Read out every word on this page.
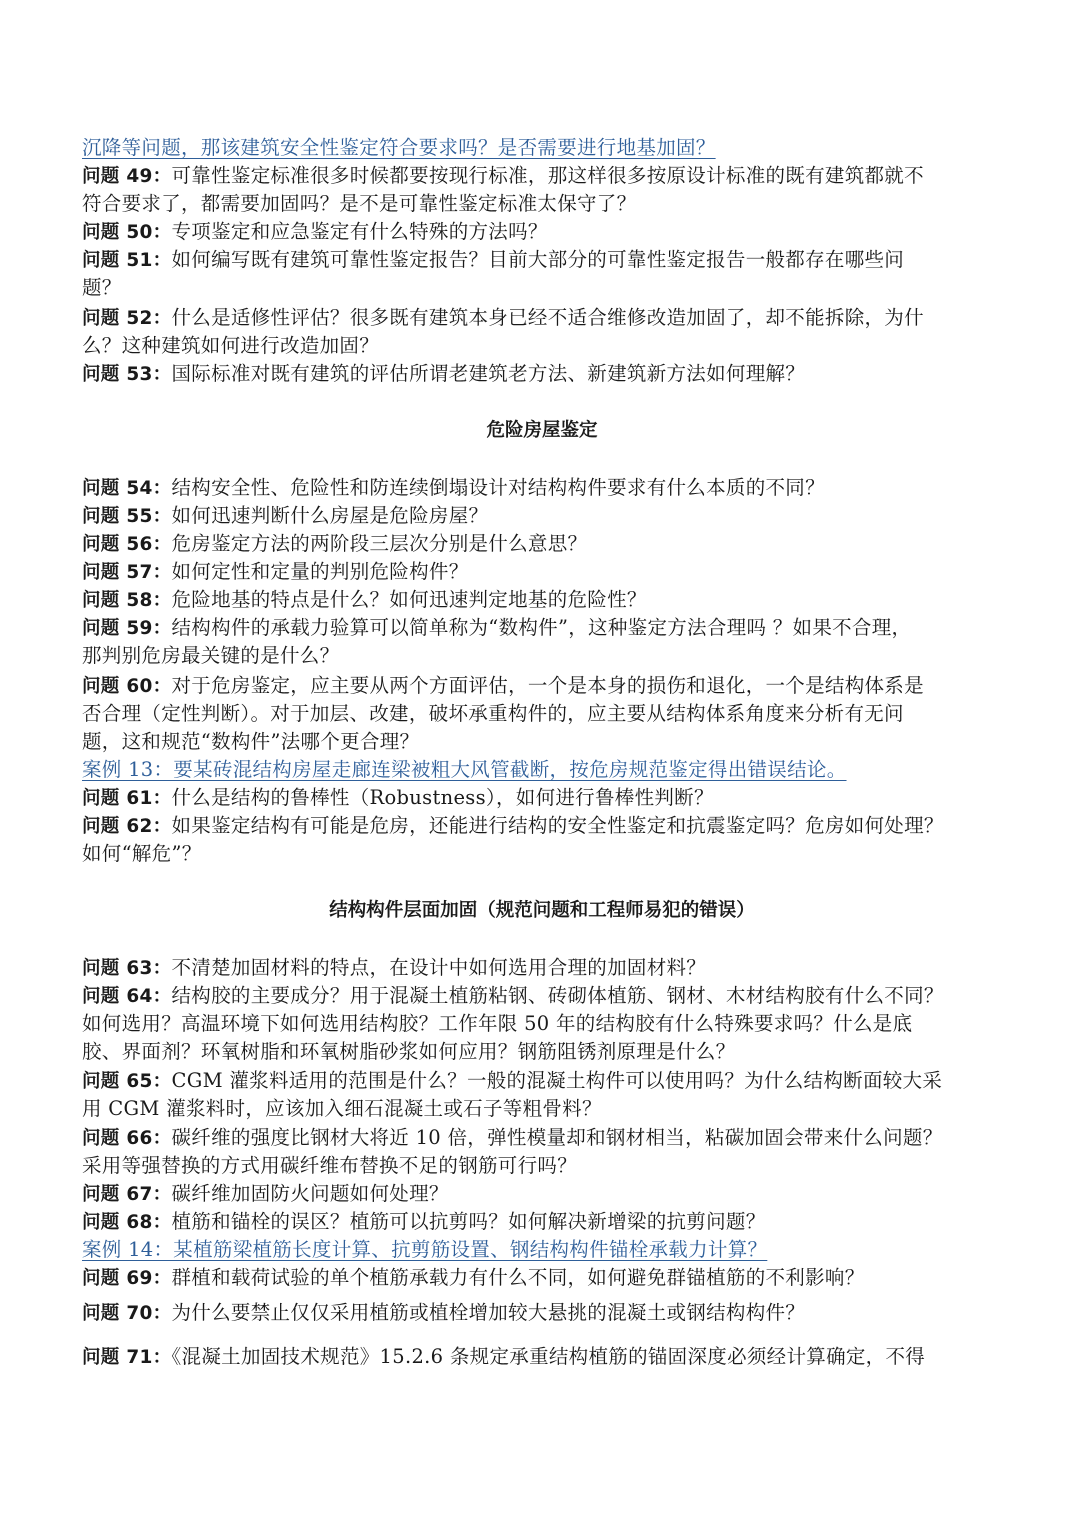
沉降等问题，那该建筑安全性鉴定符合要求吗？是否需要进行地基加固？
问题 49：可靠性鉴定标准很多时候都要按现行标准，那这样很多按原设计标准的既有建筑都就不
符合要求了，都需要加固吗？是不是可靠性鉴定标准太保守了？
问题 50：专项鉴定和应急鉴定有什么特殊的方法吗？
问题 51：如何编写既有建筑可靠性鉴定报告？目前大部分的可靠性鉴定报告一般都存在哪些问
题？
问题 52：什么是适修性评估？很多既有建筑本身已经不适合维修改造加固了，却不能拆除，为什
么？这种建筑如何进行改造加固？
问题 53：国际标准对既有建筑的评估所谓老建筑老方法、新建筑新方法如何理解？
危险房屋鉴定
问题 54：结构安全性、危险性和防连续倒塌设计对结构构件要求有什么本质的不同？
问题 55：如何迅速判断什么房屋是危险房屋？
问题 56：危房鉴定方法的两阶段三层次分别是什么意思？
问题 57：如何定性和定量的判别危险构件？
问题 58：危险地基的特点是什么？如何迅速判定地基的危险性？
问题 59：结构构件的承载力验算可以简单称为“数构件”，这种鉴定方法合理吗 ？如果不合理，
那判别危房最关键的是什么？
问题 60：对于危房鉴定，应主要从两个方面评估，一个是本身的损伤和退化，一个是结构体系是
否合理（定性判断）。对于加层、改建，破坏承重构件的，应主要从结构体系角度来分析有无问
题，这和规范“数构件”法哪个更合理？
案例 13：要某砖混结构房屋走廊连梁被粗大风管截断，按危房规范鉴定得出错误结论。
问题 61：什么是结构的鲁棒性（Robustness），如何进行鲁棒性判断？
问题 62：如果鉴定结构有可能是危房，还能进行结构的安全性鉴定和抗震鉴定吗？危房如何处理？
如何“解危”？
结构构件层面加固（规范问题和工程师易犯的错误）
问题 63：不清楚加固材料的特点，在设计中如何选用合理的加固材料？
问题 64：结构胶的主要成分？用于混凝土植筋粘钢、砖砌体植筋、钢材、木材结构胶有什么不同？
如何选用？高温环境下如何选用结构胶？工作年限 50 年的结构胶有什么特殊要求吗？什么是底
胶、界面剂？环氧树脂和环氧树脂砂浆如何应用？钢筋阻锈剂原理是什么？
问题 65：CGM 灌浆料适用的范围是什么？一般的混凝土构件可以使用吗？为什么结构断面较大采
用 CGM 灌浆料时，应该加入细石混凝土或石子等粗骨料？
问题 66：碳纤维的强度比钢材大将近 10 倍，弹性模量却和钢材相当，粘碳加固会带来什么问题？
采用等强替换的方式用碳纤维布替换不足的钢筋可行吗？
问题 67：碳纤维加固防火问题如何处理？
问题 68：植筋和锚栓的误区？植筋可以抗剪吗？如何解决新增梁的抗剪问题？
案例 14：某植筋梁植筋长度计算、抗剪筋设置、钢结构构件锚栓承载力计算？
问题 69：群植和载荷试验的单个植筋承载力有什么不同，如何避免群锚植筋的不利影响？
问题 70：为什么要禁止仅仅采用植筋或植栓增加较大悬挑的混凝土或钢结构构件？
问题 71：《混凝土加固技术规范》15.2.6 条规定承重结构植筋的锚固深度必须经计算确定，不得
